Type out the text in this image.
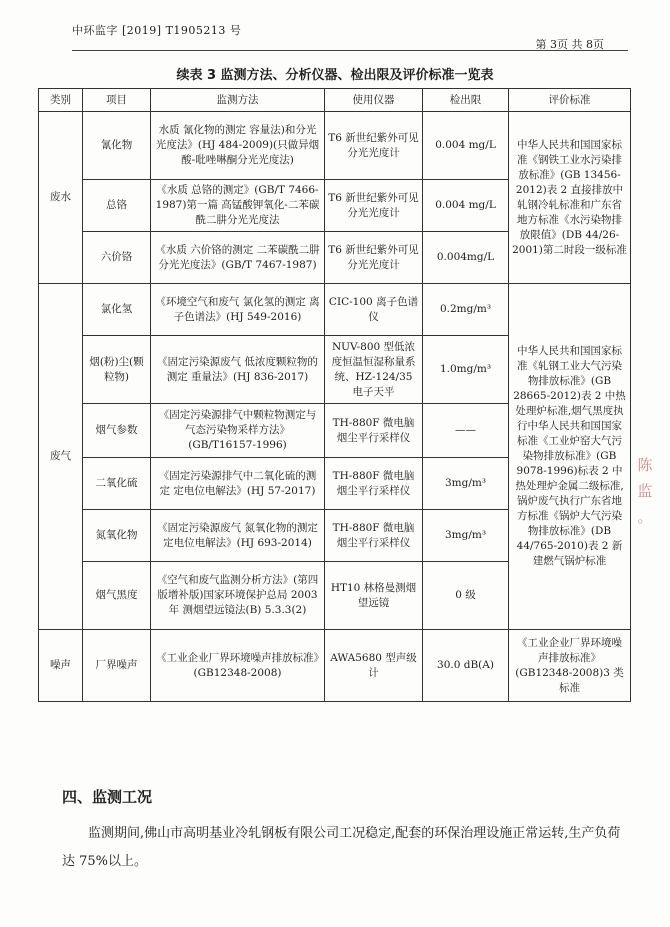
中环监字 [2019] T1905213 号
第 3页 共 8页
续表 3 监测方法、分析仪器、检出限及评价标准一览表
类别	项目	监测方法	使用仪器	检出限	评价标准
废水	氰化物	水质 氰化物的测定 容量法)和分光光度法》(HJ 484-2009)(只做异烟酸-吡唑啉酮分光光度法)	T6 新世纪紫外可见分光光度计	0.004 mg/L	中华人民共和国国家标准《钢铁工业水污染排放标准》(GB 13456-2012)表 2 直接排放中轧钢冷轧标准和广东省地方标准《水污染物排放限值》(DB 44/26-2001)第二时段一级标准
	总铬	《水质 总铬的测定》(GB/T 7466-1987)第一篇 高锰酸钾氧化-二苯碳酰二肼分光光度法	T6 新世纪紫外可见分光光度计	0.004 mg/L	
	六价铬	《水质 六价铬的测定 二苯碳酰二肼分光光度法》(GB/T 7467-1987)	T6 新世纪紫外可见分光光度计	0.004mg/L	
废气	氯化氢	《环境空气和废气 氯化氢的测定 离子色谱法》(HJ 549-2016)	CIC-100 离子色谱仪	0.2mg/m³	中华人民共和国国家标准《轧钢工业大气污染物排放标准》(GB 28665-2012)表 2 中热处理炉标准,烟气黑度执行中华人民共和国国家标准《工业炉窑大气污染物排放标准》(GB 9078-1996)标表 2 中热处理炉金属二级标准,锅炉废气执行广东省地方标准《锅炉大气污染物排放标准》(DB 44/765-2010)表 2 新建燃气锅炉标准
	烟(粉)尘(颗粒物)	《固定污染源废气 低浓度颗粒物的测定 重量法》(HJ 836-2017)	NUV-800 型低浓度恒温恒湿称量系统、HZ-124/35 电子天平	1.0mg/m³	
	烟气参数	《固定污染源排气中颗粒物测定与气态污染物采样方法》(GB/T16157-1996)	TH-880F 微电脑烟尘平行采样仪	——	
	二氧化硫	《固定污染源排气中二氧化硫的测定 定电位电解法》(HJ 57-2017)	TH-880F 微电脑烟尘平行采样仪	3mg/m³	
	氮氧化物	《固定污染源废气 氮氧化物的测定 定电位电解法》(HJ 693-2014)	TH-880F 微电脑烟尘平行采样仪	3mg/m³	
	烟气黑度	《空气和废气监测分析方法》(第四版增补版)国家环境保护总局 2003年 测烟望远镜法(B) 5.3.3(2)	HT10 林格曼测烟望远镜	0 级	
噪声	厂界噪声	《工业企业厂界环境噪声排放标准》(GB12348-2008)	AWA5680 型声级计	30.0 dB(A)	《工业企业厂界环境噪声排放标准》(GB12348-2008)3 类标准
四、监测工况
监测期间,佛山市高明基业冷轧钢板有限公司工况稳定,配套的环保治理设施正常运转,生产负荷达 75%以上。
陈 监 。
